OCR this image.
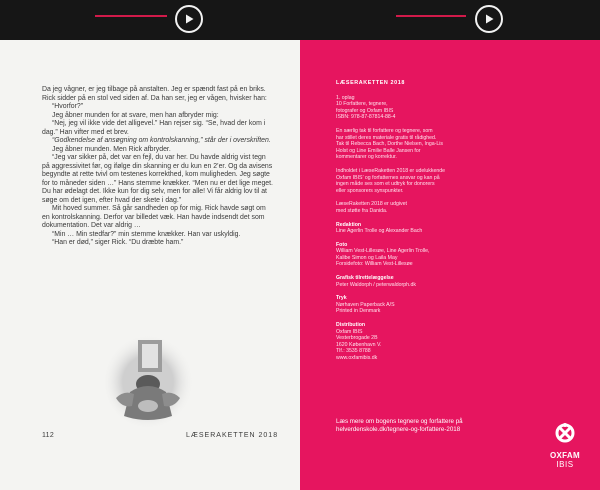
Da jeg vågner, er jeg tilbage på anstalten. Jeg er spændt fast på en briks. Rick sidder på en stol ved siden af. Da han ser, jeg er vågen, hvisker han:

“Hvorfor?”

Jeg åbner munden for at svare, men han afbryder mig:

“Nej, jeg vil ikke vide det alligevel.” Han rejser sig. “Se, hvad der kom i dag.” Han vifter med et brev.

“Godkendelse af ansøgning om kontrolskanning,” står der i overskriften.

Jeg åbner munden. Men Rick afbryder.

“Jeg var sikker på, det var en fejl, du var her. Du havde aldrig vist tegn på aggressivitet før, og ifølge din skanning er du kun en 2’er. Og da avisens begyndte at rette tvivl om testenes korrekthed, kom muligheden. Jeg søgte for to måneder siden …” Hans stemme knækker. “Men nu er det lige meget. Du har ødelagt det. Ikke kun for dig selv, men for alle! Vi får aldrig lov til at søge om det igen, efter hvad der skete i dag.”

Mit hoved summer. Så går sandheden op for mig. Rick havde søgt om en kontrolskanning. Derfor var billedet væk. Han havde indsendt det som dokumentation. Det var aldrig …

“Min … Min stedfar?” min stemme knækker. Han var uskyldig.

“Han er død,” siger Rick. “Du dræbte ham.”

112	LÆSERAKETTEN 2018
LÆSERAKETTEN 2018
1. oplag
10 Forfattere, tegnere,
fotografer og Oxfam IBIS
ISBN: 978-87-87814-88-4
En særlig tak til forfattere og tegnere, som
har stillet deres materiale gratis til rådighed.
Tak til Rebecca Bach, Dorthe Nielsen, Inga-Lis
Holst og Line Emilie Balle Jansen for
kommentarer og korrektur.
Indholdet i LæseRaketten 2018 er udelukkende
Oxfam IBIS’ og forfatternes ansvar og kan på
ingen måde ses som et udtryk for donorers
eller sponsorers synspunkter.
LæseRaketten 2018 er udgivet
med støtte fra Danida.
Redaktion
Line Agerlin Trolle og Alexander Bach
Foto
William Vest-Lillesøe, Line Agerlin Trolle,
Kalibe Simon og Laila May
Forsidefoto: William Vest-Lillesøe
Grafisk tilrettelæggelse
Peter Waldorph / peterwaldorph.dk
Tryk
Nørhaven Paperback A/S
Printed in Denmark
Distribution
Oxfam IBIS
Vesterbrogade 2B
1620 København V.
Tlf.: 3535 8788
www.oxfamibis.dk
Læs mere om bogens tegnere og forfattere på
helverdenskole.dk/tegnere-og-forfattere-2018
OXFAM
IBIS
